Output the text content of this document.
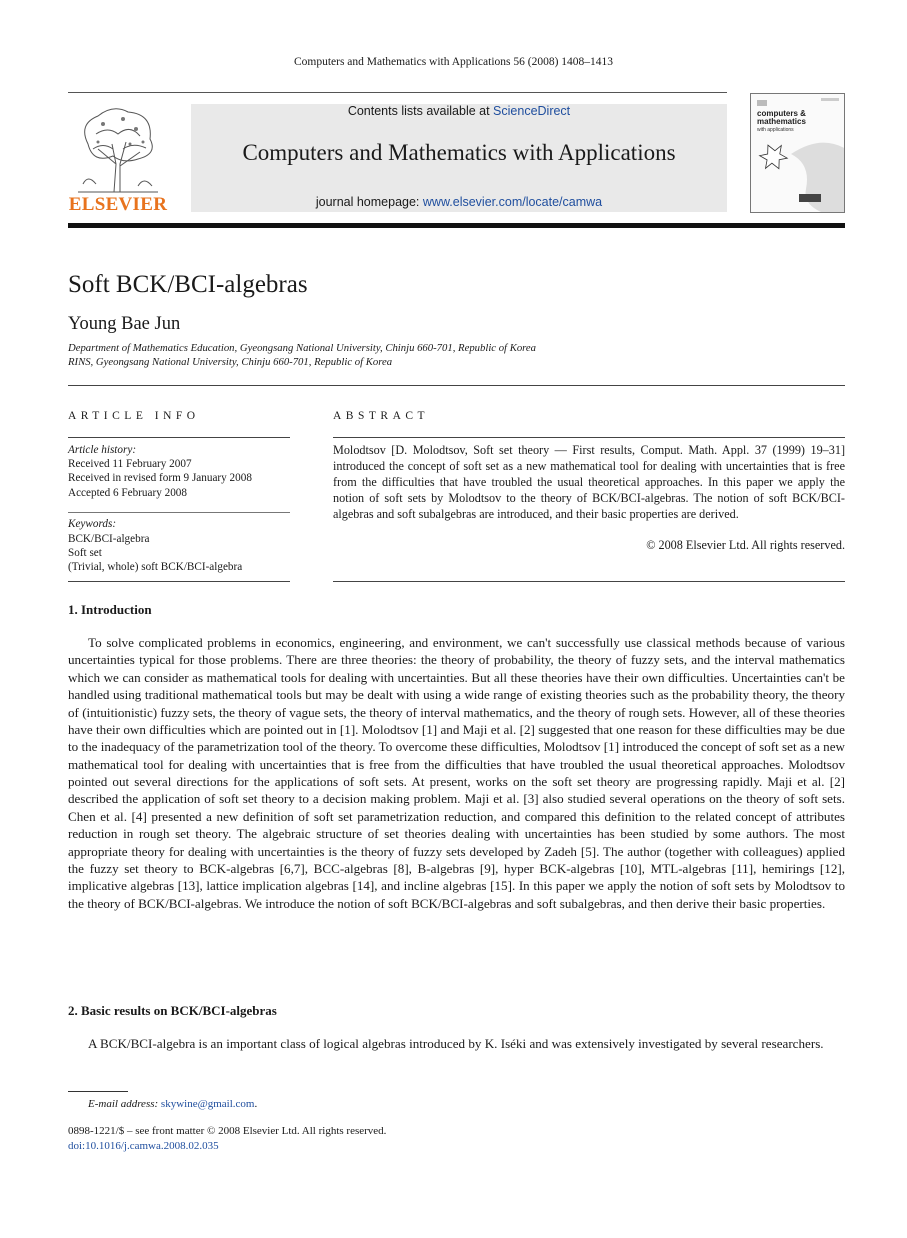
Computers and Mathematics with Applications 56 (2008) 1408–1413
ELSEVIER
Contents lists available at ScienceDirect
Computers and Mathematics with Applications
journal homepage: www.elsevier.com/locate/camwa
computers &
mathematics
with applications
Soft BCK/BCI-algebras
Young Bae Jun
Department of Mathematics Education, Gyeongsang National University, Chinju 660-701, Republic of Korea
RINS, Gyeongsang National University, Chinju 660-701, Republic of Korea
ARTICLE INFO	ABSTRACT
Article history:
Received 11 February 2007
Received in revised form 9 January 2008
Accepted 6 February 2008
Keywords:
BCK/BCI-algebra
Soft set
(Trivial, whole) soft BCK/BCI-algebra
Molodtsov [D. Molodtsov, Soft set theory — First results, Comput. Math. Appl. 37 (1999) 19–31] introduced the concept of soft set as a new mathematical tool for dealing with uncertainties that is free from the difficulties that have troubled the usual theoretical approaches. In this paper we apply the notion of soft sets by Molodtsov to the theory of BCK/BCI-algebras. The notion of soft BCK/BCI-algebras and soft subalgebras are introduced, and their basic properties are derived.
© 2008 Elsevier Ltd. All rights reserved.
1. Introduction
To solve complicated problems in economics, engineering, and environment, we can't successfully use classical methods because of various uncertainties typical for those problems. There are three theories: the theory of probability, the theory of fuzzy sets, and the interval mathematics which we can consider as mathematical tools for dealing with uncertainties. But all these theories have their own difficulties. Uncertainties can't be handled using traditional mathematical tools but may be dealt with using a wide range of existing theories such as the probability theory, the theory of (intuitionistic) fuzzy sets, the theory of vague sets, the theory of interval mathematics, and the theory of rough sets. However, all of these theories have their own difficulties which are pointed out in [1]. Molodtsov [1] and Maji et al. [2] suggested that one reason for these difficulties may be due to the inadequacy of the parametrization tool of the theory. To overcome these difficulties, Molodtsov [1] introduced the concept of soft set as a new mathematical tool for dealing with uncertainties that is free from the difficulties that have troubled the usual theoretical approaches. Molodtsov pointed out several directions for the applications of soft sets. At present, works on the soft set theory are progressing rapidly. Maji et al. [2] described the application of soft set theory to a decision making problem. Maji et al. [3] also studied several operations on the theory of soft sets. Chen et al. [4] presented a new definition of soft set parametrization reduction, and compared this definition to the related concept of attributes reduction in rough set theory. The algebraic structure of set theories dealing with uncertainties has been studied by some authors. The most appropriate theory for dealing with uncertainties is the theory of fuzzy sets developed by Zadeh [5]. The author (together with colleagues) applied the fuzzy set theory to BCK-algebras [6,7], BCC-algebras [8], B-algebras [9], hyper BCK-algebras [10], MTL-algebras [11], hemirings [12], implicative algebras [13], lattice implication algebras [14], and incline algebras [15]. In this paper we apply the notion of soft sets by Molodtsov to the theory of BCK/BCI-algebras. We introduce the notion of soft BCK/BCI-algebras and soft subalgebras, and then derive their basic properties.
2. Basic results on BCK/BCI-algebras
A BCK/BCI-algebra is an important class of logical algebras introduced by K. Iséki and was extensively investigated by several researchers.
E-mail address: skywine@gmail.com.
0898-1221/$ – see front matter © 2008 Elsevier Ltd. All rights reserved.
doi:10.1016/j.camwa.2008.02.035
